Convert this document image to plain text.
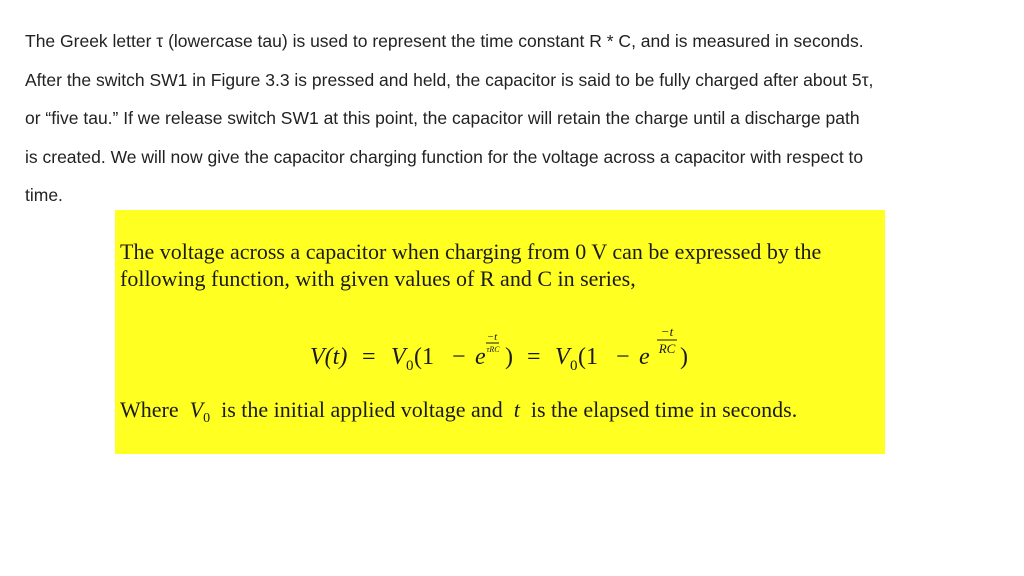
The Greek letter τ (lowercase tau) is used to represent the time constant R * C, and is measured in seconds.
After the switch SW1 in Figure 3.3 is pressed and held, the capacitor is said to be fully charged after about 5τ,
or “five tau.” If we release switch SW1 at this point, the capacitor will retain the charge until a discharge path
is created. We will now give the capacitor charging function for the voltage across a capacitor with respect to
time.

The voltage across a capacitor when charging from 0 V can be expressed by the
following function, with given values of R and C in series,

V(t) = V 0 (1 − e
−t
τRC ) = V 0 (1 − e
−t
RC )

Where $V_0$ is the initial applied voltage and t is the elapsed time in seconds.
